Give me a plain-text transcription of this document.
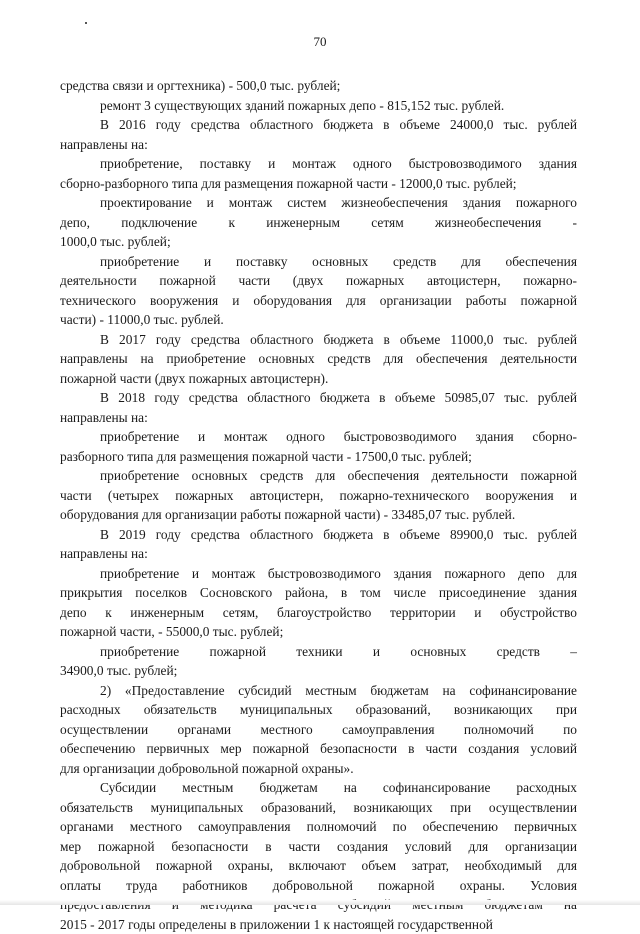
70

средства связи и оргтехника) - 500,0 тыс. рублей;

ремонт 3 существующих зданий пожарных депо - 815,152 тыс. рублей.

В 2016 году средства областного бюджета в объеме 24000,0 тыс. рублей
направлены на:

приобретение, поставку и монтаж одного быстровозводимого здания
сборно-разборного типа для размещения пожарной части - 12000,0 тыс. рублей;

проектирование и монтаж систем жизнеобеспечения здания пожарного
депо, подключение к инженерным сетям жизнеобеспечения -
1000,0 тыс. рублей;

приобретение и поставку основных средств для обеспечения
деятельности пожарной части (двух пожарных автоцистерн, пожарно-
технического вооружения и оборудования для организации работы пожарной
части) - 11000,0 тыс. рублей.

В 2017 году средства областного бюджета в объеме 11000,0 тыс. рублей
направлены на приобретение основных средств для обеспечения деятельности
пожарной части (двух пожарных автоцистерн).

В 2018 году средства областного бюджета в объеме 50985,07 тыс. рублей
направлены на:

приобретение и монтаж одного быстровозводимого здания сборно-
разборного типа для размещения пожарной части - 17500,0 тыс. рублей;

приобретение основных средств для обеспечения деятельности пожарной
части (четырех пожарных автоцистерн, пожарно-технического вооружения и
оборудования для организации работы пожарной части) - 33485,07 тыс. рублей.

В 2019 году средства областного бюджета в объеме 89900,0 тыс. рублей
направлены на:

приобретение и монтаж быстровозводимого здания пожарного депо для
прикрытия поселков Сосновского района, в том числе присоединение здания
депо к инженерным сетям, благоустройство территории и обустройство
пожарной части, - 55000,0 тыс. рублей;

приобретение пожарной техники и основных средств –
34900,0 тыс. рублей;

2) «Предоставление субсидий местным бюджетам на софинансирование
расходных обязательств муниципальных образований, возникающих при
осуществлении органами местного самоуправления полномочий по
обеспечению первичных мер пожарной безопасности в части создания условий
для организации добровольной пожарной охраны».

Субсидии местным бюджетам на софинансирование расходных
обязательств муниципальных образований, возникающих при осуществлении
органами местного самоуправления полномочий по обеспечению первичных
мер пожарной безопасности в части создания условий для организации
добровольной пожарной охраны, включают объем затрат, необходимый для
оплаты труда работников добровольной пожарной охраны. Условия
2015 - 2017 годы определены в приложении 1 к настоящей государственной
